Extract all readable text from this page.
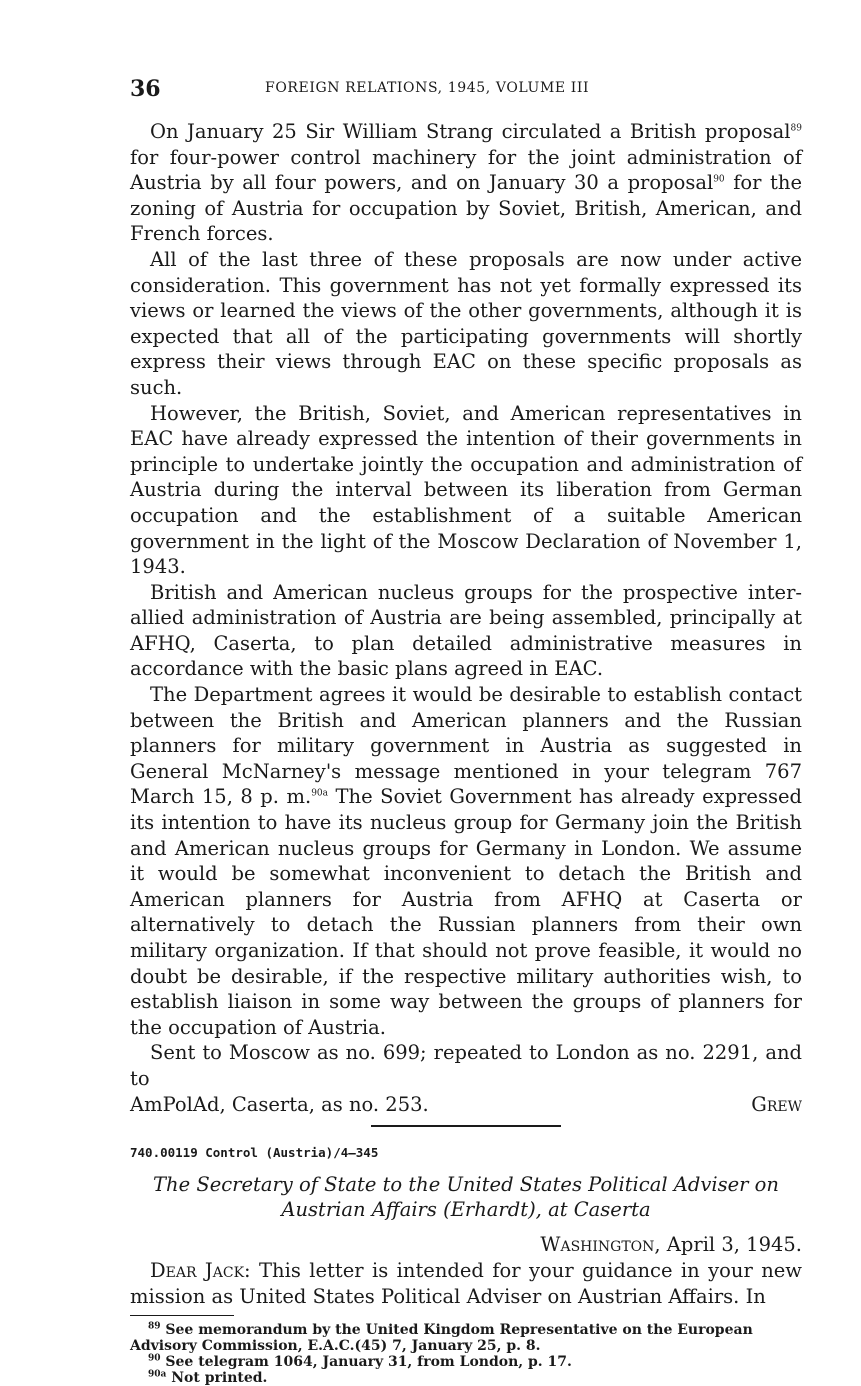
36	FOREIGN RELATIONS, 1945, VOLUME III

On January 25 Sir William Strang circulated a British proposal$^{89}$ for four-power control machinery for the joint administration of Austria by all four powers, and on January 30 a proposal$^{90}$ for the zoning of Austria for occupation by Soviet, British, American, and French forces.

All of the last three of these proposals are now under active consideration. This government has not yet formally expressed its views or learned the views of the other governments, although it is expected that all of the participating governments will shortly express their views through EAC on these specific proposals as such.

However, the British, Soviet, and American representatives in EAC have already expressed the intention of their governments in principle to undertake jointly the occupation and administration of Austria during the interval between its liberation from German occupation and the establishment of a suitable American government in the light of the Moscow Declaration of November 1, 1943.

British and American nucleus groups for the prospective inter-allied administration of Austria are being assembled, principally at AFHQ, Caserta, to plan detailed administrative measures in accordance with the basic plans agreed in EAC.

The Department agrees it would be desirable to establish contact between the British and American planners and the Russian planners for military government in Austria as suggested in General McNarney's message mentioned in your telegram 767 March 15, 8 p. m.$^{90a}$ The Soviet Government has already expressed its intention to have its nucleus group for Germany join the British and American nucleus groups for Germany in London. We assume it would be somewhat inconvenient to detach the British and American planners for Austria from AFHQ at Caserta or alternatively to detach the Russian planners from their own military organization. If that should not prove feasible, it would no doubt be desirable, if the respective military authorities wish, to establish liaison in some way between the groups of planners for the occupation of Austria.

Sent to Moscow as no. 699; repeated to London as no. 2291, and to

AmPolAd, Caserta, as no. 253.	Grew
740.00119 Control (Austria)/4–345
The Secretary of State to the United States Political Adviser on Austrian Affairs (Erhardt), at Caserta
Washington, April 3, 1945.

Dear Jack: This letter is intended for your guidance in your new mission as United States Political Adviser on Austrian Affairs. In

$^{89}$ See memorandum by the United Kingdom Representative on the European Advisory Commission, E.A.C.(45) 7, January 25, p. 8.

$^{90}$ See telegram 1064, January 31, from London, p. 17.

$^{90a}$ Not printed.
